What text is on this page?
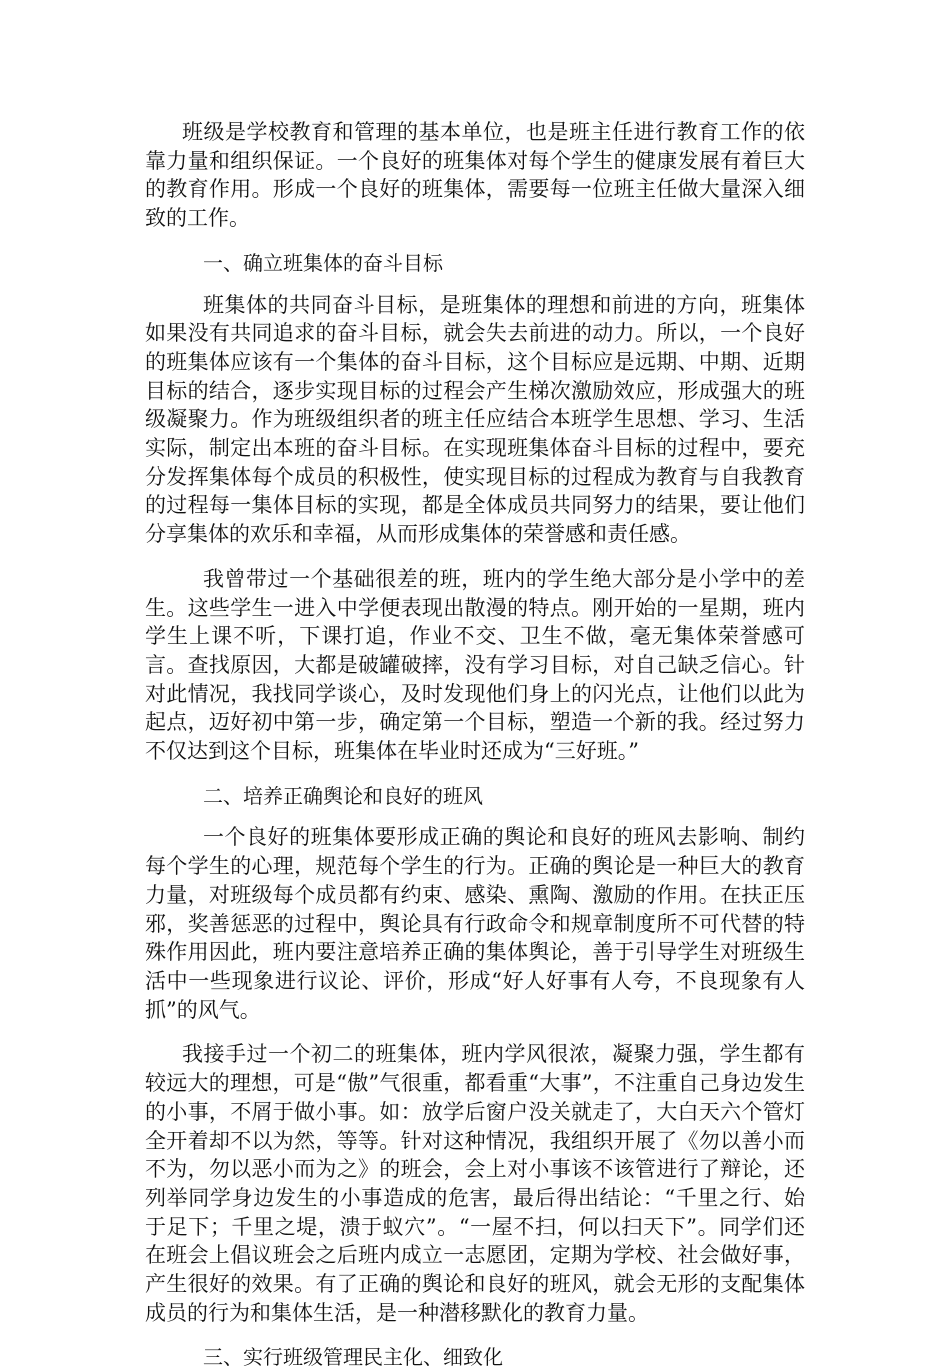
班级是学校教育和管理的基本单位，也是班主任进行教育工作的依靠力量和组织保证。一个良好的班集体对每个学生的健康发展有着巨大的教育作用。形成一个良好的班集体，需要每一位班主任做大量深入细致的工作。

一、确立班集体的奋斗目标

班集体的共同奋斗目标，是班集体的理想和前进的方向，班集体如果没有共同追求的奋斗目标，就会失去前进的动力。所以，一个良好的班集体应该有一个集体的奋斗目标，这个目标应是远期、中期、近期目标的结合，逐步实现目标的过程会产生梯次激励效应，形成强大的班级凝聚力。作为班级组织者的班主任应结合本班学生思想、学习、生活实际，制定出本班的奋斗目标。在实现班集体奋斗目标的过程中，要充分发挥集体每个成员的积极性，使实现目标的过程成为教育与自我教育的过程每一集体目标的实现，都是全体成员共同努力的结果，要让他们分享集体的欢乐和幸福，从而形成集体的荣誉感和责任感。

我曾带过一个基础很差的班，班内的学生绝大部分是小学中的差生。这些学生一进入中学便表现出散漫的特点。刚开始的一星期，班内学生上课不听，下课打追，作业不交、卫生不做，毫无集体荣誉感可言。查找原因，大都是破罐破摔，没有学习目标，对自己缺乏信心。针对此情况，我找同学谈心，及时发现他们身上的闪光点，让他们以此为起点，迈好初中第一步，确定第一个目标，塑造一个新的我。经过努力不仅达到这个目标，班集体在毕业时还成为“三好班。”

二、培养正确舆论和良好的班风

一个良好的班集体要形成正确的舆论和良好的班风去影响、制约每个学生的心理，规范每个学生的行为。正确的舆论是一种巨大的教育力量，对班级每个成员都有约束、感染、熏陶、激励的作用。在扶正压邪，奖善惩恶的过程中，舆论具有行政命令和规章制度所不可代替的特殊作用因此，班内要注意培养正确的集体舆论，善于引导学生对班级生活中一些现象进行议论、评价，形成“好人好事有人夸，不良现象有人抓”的风气。

我接手过一个初二的班集体，班内学风很浓，凝聚力强，学生都有较远大的理想，可是“傲”气很重，都看重“大事”，不注重自己身边发生的小事，不屑于做小事。如：放学后窗户没关就走了，大白天六个管灯全开着却不以为然，等等。针对这种情况，我组织开展了《勿以善小而不为，勿以恶小而为之》的班会，会上对小事该不该管进行了辩论，还列举同学身边发生的小事造成的危害，最后得出结论：“千里之行、始于足下；千里之堤，溃于蚁穴”。“一屋不扫，何以扫天下”。同学们还在班会上倡议班会之后班内成立一志愿团，定期为学校、社会做好事，产生很好的效果。有了正确的舆论和良好的班风，就会无形的支配集体成员的行为和集体生活，是一种潜移默化的教育力量。

三、实行班级管理民主化、细致化
